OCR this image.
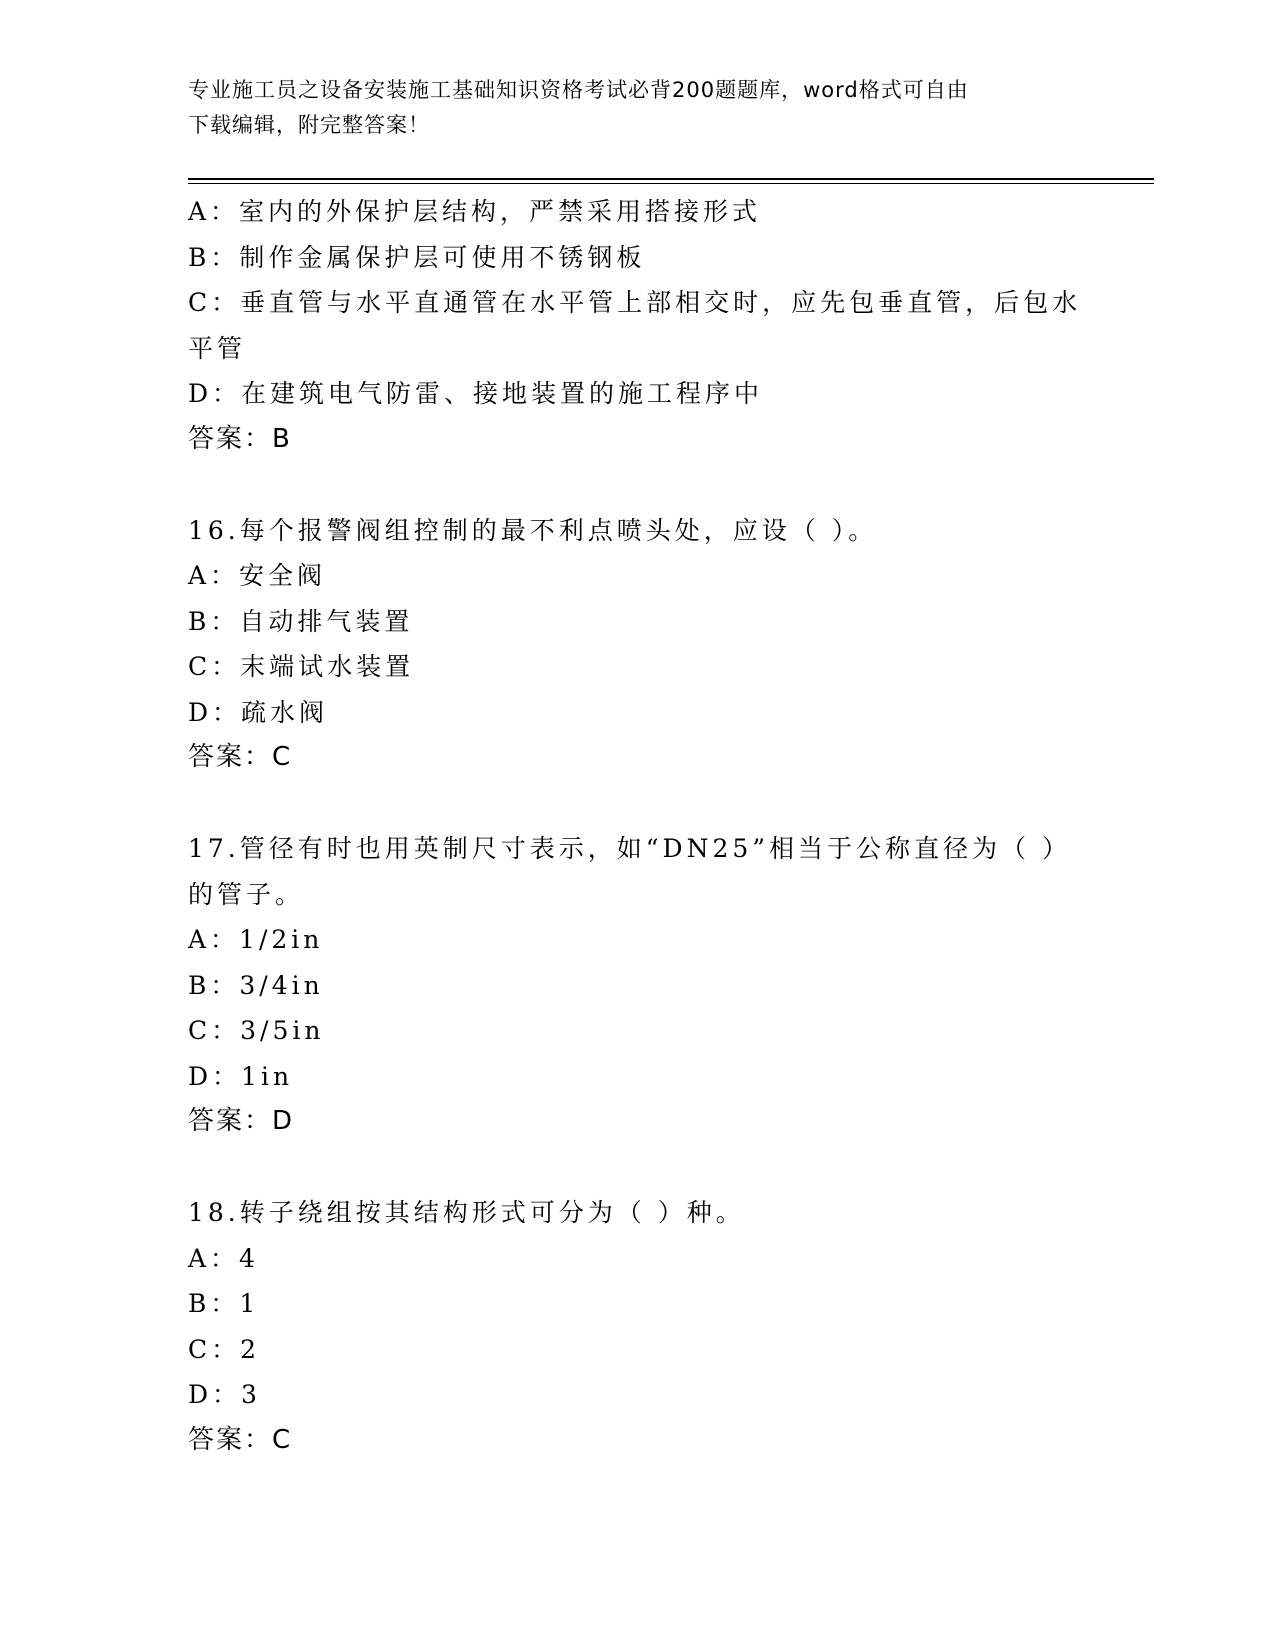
专业施工员之设备安装施工基础知识资格考试必背200题题库，word格式可自由
下载编辑，附完整答案！
A：室内的外保护层结构，严禁采用搭接形式
B：制作金属保护层可使用不锈钢板
C：垂直管与水平直通管在水平管上部相交时，应先包垂直管，后包水
平管
D：在建筑电气防雷、接地装置的施工程序中
答案：B
16.每个报警阀组控制的最不利点喷头处，应设（ ）。
A：安全阀
B：自动排气装置
C：末端试水装置
D：疏水阀
答案：C
17.管径有时也用英制尺寸表示，如“DN25”相当于公称直径为（ ）
的管子。
A：1/2in
B：3/4in
C：3/5in
D：1in
答案：D
18.转子绕组按其结构形式可分为（ ）种。
A：4
B：1
C：2
D：3
答案：C
